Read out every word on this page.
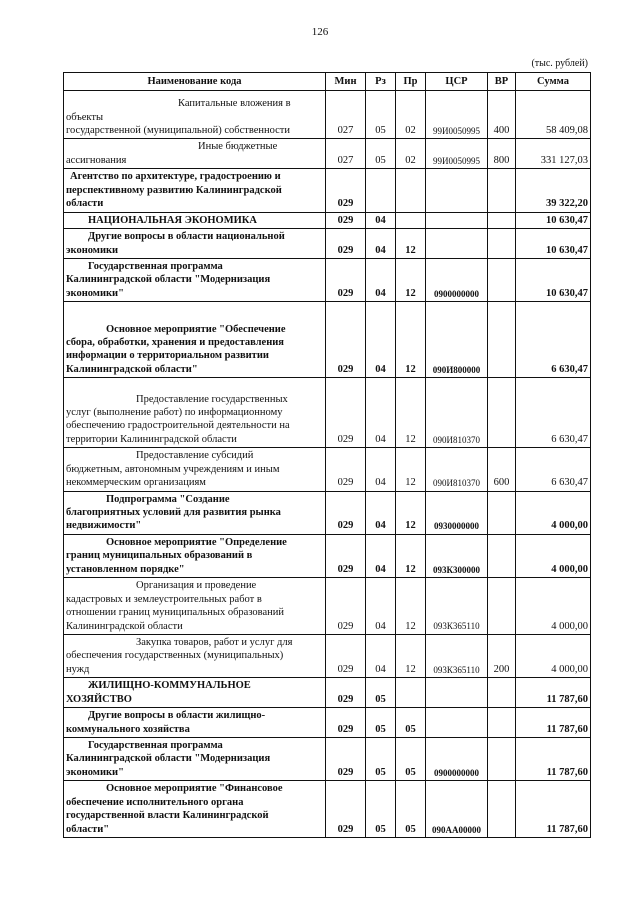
126
(тыс. рублей)
Наименование кода	Мин	Рз	Пр	ЦСР	ВР	Сумма
Капитальные вложения в объекты
государственной (муниципальной) собственности	027	05	02	99И0050995	400	58 409,08
Иные бюджетные ассигнования	027	05	02	99И0050995	800	331 127,03
Агентство по архитектуре, градостроению и
перспективному развитию Калининградской
области	029					39 322,20
НАЦИОНАЛЬНАЯ ЭКОНОМИКА	029	04				10 630,47
Другие вопросы в области национальной
экономики	029	04	12			10 630,47
Государственная программа
Калининградской области "Модернизация
экономики"	029	04	12	0900000000		10 630,47
Основное мероприятие "Обеспечение
сбора, обработки, хранения и предоставления
информации о территориальном развитии
Калининградской области"	029	04	12	090И800000		6 630,47
Предоставление государственных
услуг (выполнение работ) по информационному
обеспечению градостроительной деятельности на
территории Калининградской области	029	04	12	090И810370		6 630,47
Предоставление субсидий
бюджетным, автономным учреждениям и иным
некоммерческим организациям	029	04	12	090И810370	600	6 630,47
Подпрограмма "Создание
благоприятных условий для развития рынка
недвижимости"	029	04	12	0930000000		4 000,00
Основное мероприятие "Определение
границ муниципальных образований в
установленном порядке"	029	04	12	093К300000		4 000,00
Организация и проведение
кадастровых и землеустроительных работ в
отношении границ муниципальных образований
Калининградской области	029	04	12	093К365110		4 000,00
Закупка товаров, работ и услуг для
обеспечения государственных (муниципальных)
нужд	029	04	12	093К365110	200	4 000,00
ЖИЛИЩНО-КОММУНАЛЬНОЕ
ХОЗЯЙСТВО	029	05				11 787,60
Другие вопросы в области жилищно-
коммунального хозяйства	029	05	05			11 787,60
Государственная программа
Калининградской области "Модернизация
экономики"	029	05	05	0900000000		11 787,60
Основное мероприятие "Финансовое
обеспечение исполнительного органа
государственной власти Калининградской
области"	029	05	05	090АА00000		11 787,60
